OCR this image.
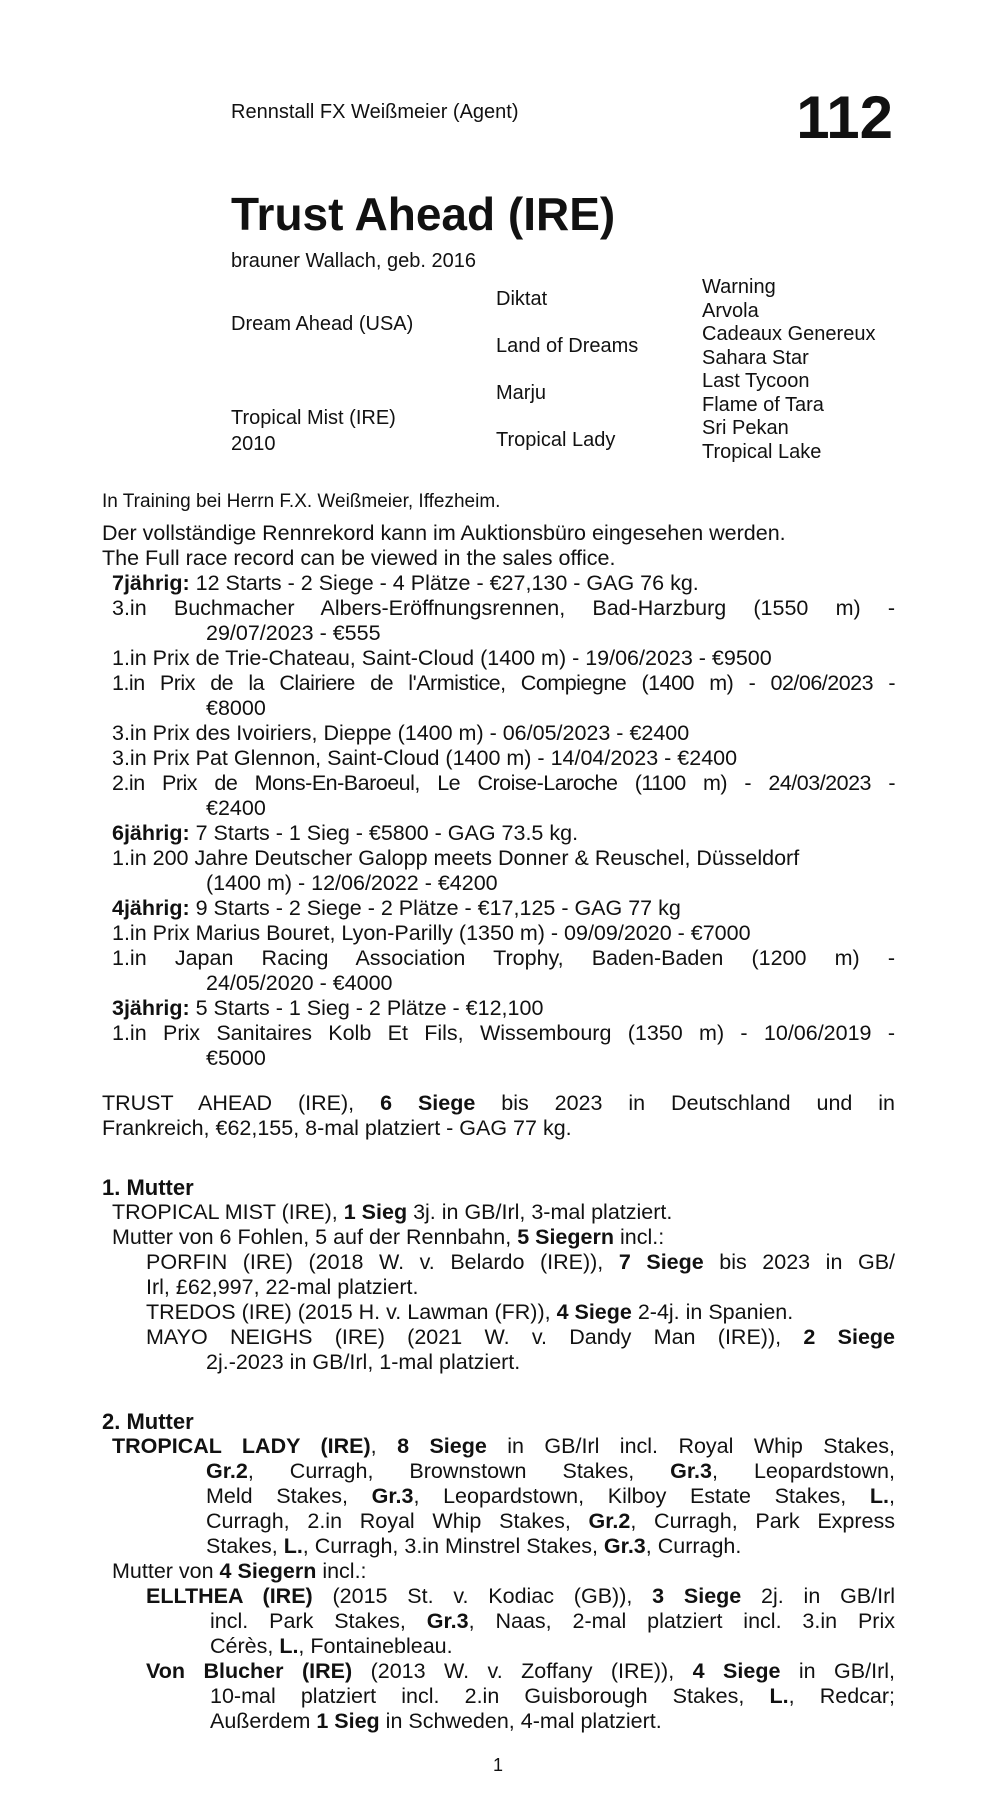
Rennstall FX Weißmeier (Agent)	112
Trust Ahead (IRE)
brauner Wallach, geb. 2016
Dream Ahead (USA)
Tropical Mist (IRE)
2010
Diktat
Land of Dreams
Marju
Tropical Lady
Warning
Arvola
Cadeaux Genereux
Sahara Star
Last Tycoon
Flame of Tara
Sri Pekan
Tropical Lake
In Training bei Herrn F.X. Weißmeier, Iffezheim.
Der vollständige Rennrekord kann im Auktionsbüro eingesehen werden.
The Full race record can be viewed in the sales office.
7jährig: 12 Starts - 2 Siege - 4 Plätze - €27,130 - GAG 76 kg.
3.in Buchmacher Albers-Eröffnungsrennen, Bad-Harzburg (1550 m) -
29/07/2023 - €555
1.in Prix de Trie-Chateau, Saint-Cloud (1400 m) - 19/06/2023 - €9500
1.in Prix de la Clairiere de l'Armistice, Compiegne (1400 m) - 02/06/2023 -
€8000
3.in Prix des Ivoiriers, Dieppe (1400 m) - 06/05/2023 - €2400
3.in Prix Pat Glennon, Saint-Cloud (1400 m) - 14/04/2023 - €2400
2.in Prix de Mons-En-Baroeul, Le Croise-Laroche (1100 m) - 24/03/2023 -
€2400
6jährig: 7 Starts - 1 Sieg - €5800 - GAG 73.5 kg.
1.in 200 Jahre Deutscher Galopp meets Donner & Reuschel, Düsseldorf
(1400 m) - 12/06/2022 - €4200
4jährig: 9 Starts - 2 Siege - 2 Plätze - €17,125 - GAG 77 kg
1.in Prix Marius Bouret, Lyon-Parilly (1350 m) - 09/09/2020 - €7000
1.in Japan Racing Association Trophy, Baden-Baden (1200 m) -
24/05/2020 - €4000
3jährig: 5 Starts - 1 Sieg - 2 Plätze - €12,100
1.in Prix Sanitaires Kolb Et Fils, Wissembourg (1350 m) - 10/06/2019 -
€5000
TRUST AHEAD (IRE), 6 Siege bis 2023 in Deutschland und in
Frankreich, €62,155, 8-mal platziert - GAG 77 kg.
1. Mutter
TROPICAL MIST (IRE), 1 Sieg 3j. in GB/Irl, 3-mal platziert.
Mutter von 6 Fohlen, 5 auf der Rennbahn, 5 Siegern incl.:
PORFIN (IRE) (2018 W. v. Belardo (IRE)), 7 Siege bis 2023 in GB/
Irl, £62,997, 22-mal platziert.
TREDOS (IRE) (2015 H. v. Lawman (FR)), 4 Siege 2-4j. in Spanien.
MAYO NEIGHS (IRE) (2021 W. v. Dandy Man (IRE)), 2 Siege
2j.-2023 in GB/Irl, 1-mal platziert.
2. Mutter
TROPICAL LADY (IRE), 8 Siege in GB/Irl incl. Royal Whip Stakes,
Gr.2, Curragh, Brownstown Stakes, Gr.3, Leopardstown,
Meld Stakes, Gr.3, Leopardstown, Kilboy Estate Stakes, L.,
Curragh, 2.in Royal Whip Stakes, Gr.2, Curragh, Park Express
Stakes, L., Curragh, 3.in Minstrel Stakes, Gr.3, Curragh.
Mutter von 4 Siegern incl.:
ELLTHEA (IRE) (2015 St. v. Kodiac (GB)), 3 Siege 2j. in GB/Irl
incl. Park Stakes, Gr.3, Naas, 2-mal platziert incl. 3.in Prix
Cérès, L., Fontainebleau.
Von Blucher (IRE) (2013 W. v. Zoffany (IRE)), 4 Siege in GB/Irl,
10-mal platziert incl. 2.in Guisborough Stakes, L., Redcar;
Außerdem 1 Sieg in Schweden, 4-mal platziert.
1
